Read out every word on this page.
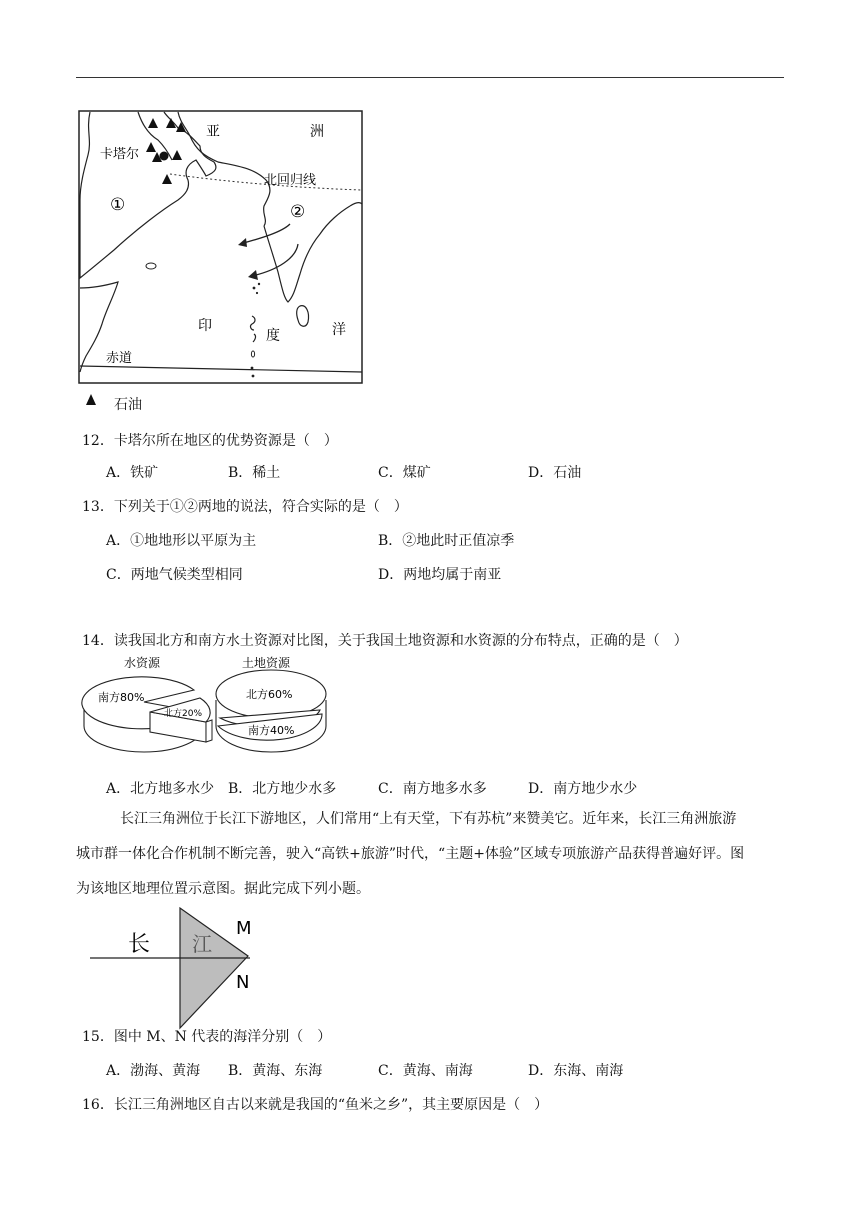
亚	洲
卡塔尔
北回归线
①	②
印
度	洋
赤道
石油
12．卡塔尔所在地区的优势资源是（　）
A．铁矿	B．稀土	C．煤矿	D．石油
13．下列关于①②两地的说法，符合实际的是（　）
A．①地地形以平原为主	B．②地此时正值凉季
C．两地气候类型相同	D．两地均属于南亚
14．读我国北方和南方水土资源对比图，关于我国土地资源和水资源的分布特点，正确的是（　）
水资源
南方80%
北方20%
土地资源
北方60%
南方40%
A．北方地多水少 B．北方地少水多	C．南方地多水多	D．南方地少水少
长江三角洲位于长江下游地区，人们常用“上有天堂，下有苏杭”来赞美它。近年来，长江三角洲旅游
城市群一体化合作机制不断完善，驶入“高铁+旅游”时代，“主题+体验”区域专项旅游产品获得普遍好评。图
为该地区地理位置示意图。据此完成下列小题。
长 江
M
N
15．图中 M、N 代表的海洋分别（　）
A．渤海、黄海 B．黄海、东海	C．黄海、南海	D．东海、南海
16．长江三角洲地区自古以来就是我国的“鱼米之乡”，其主要原因是（　）
